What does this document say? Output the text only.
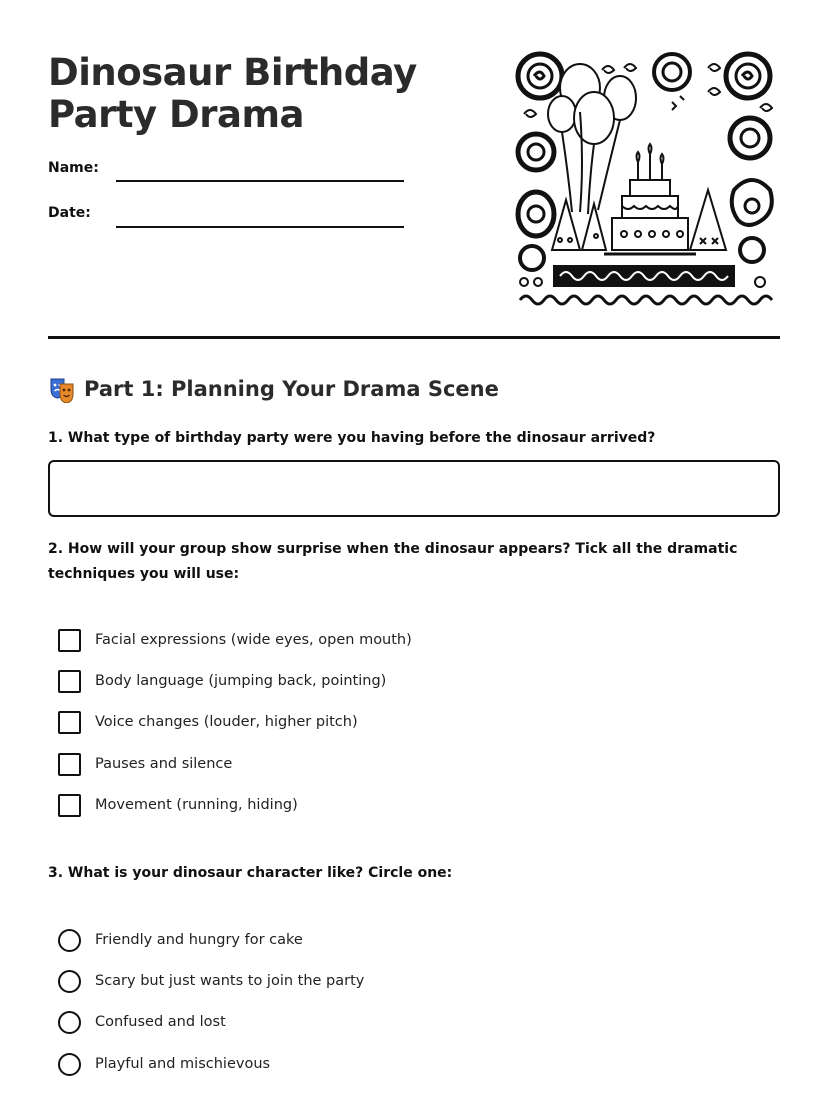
Dinosaur Birthday Party Drama
Name:
Date:
Part 1: Planning Your Drama Scene
1. What type of birthday party were you having before the dinosaur arrived?
2. How will your group show surprise when the dinosaur appears? Tick all the dramatic techniques you will use:
Facial expressions (wide eyes, open mouth)
Body language (jumping back, pointing)
Voice changes (louder, higher pitch)
Pauses and silence
Movement (running, hiding)
3. What is your dinosaur character like? Circle one:
Friendly and hungry for cake
Scary but just wants to join the party
Confused and lost
Playful and mischievous
